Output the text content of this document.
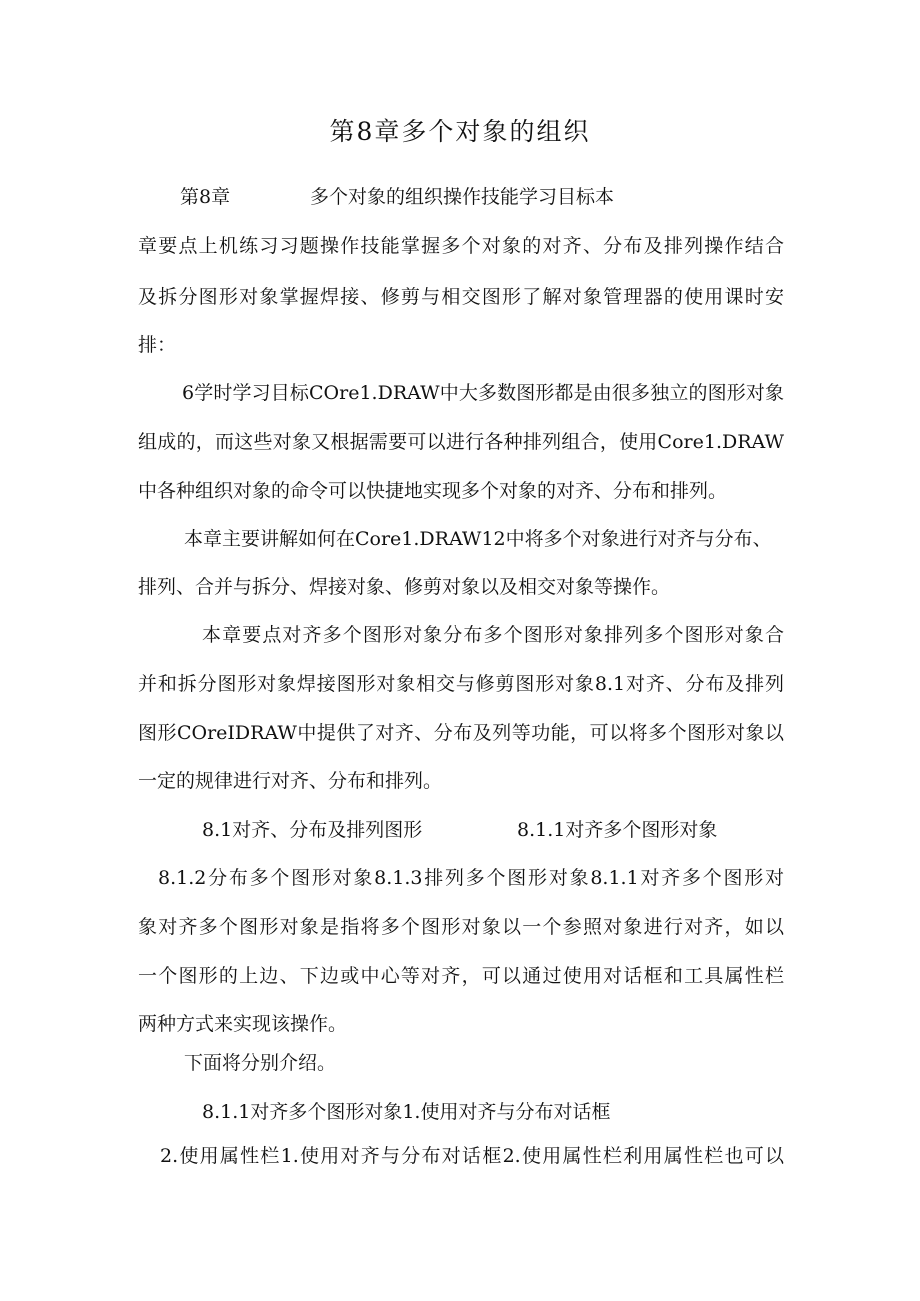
第8章多个对象的组织
第8章	多个对象的组织操作技能学习目标本
章要点上机练习习题操作技能掌握多个对象的对齐、分布及排列操作结合
及拆分图形对象掌握焊接、修剪与相交图形了解对象管理器的使用课时安
排：
6学时学习目标COre1.DRAW中大多数图形都是由很多独立的图形对象
组成的，而这些对象又根据需要可以进行各种排列组合，使用Core1.DRAW
中各种组织对象的命令可以快捷地实现多个对象的对齐、分布和排列。
本章主要讲解如何在Core1.DRAW12中将多个对象进行对齐与分布、
排列、合并与拆分、焊接对象、修剪对象以及相交对象等操作。
本章要点对齐多个图形对象分布多个图形对象排列多个图形对象合
并和拆分图形对象焊接图形对象相交与修剪图形对象8.1对齐、分布及排列
图形COreIDRAW中提供了对齐、分布及列等功能，可以将多个图形对象以
一定的规律进行对齐、分布和排列。
8.1对齐、分布及排列图形	8.1.1对齐多个图形对象
8.1.2分布多个图形对象8.1.3排列多个图形对象8.1.1对齐多个图形对
象对齐多个图形对象是指将多个图形对象以一个参照对象进行对齐，如以
一个图形的上边、下边或中心等对齐，可以通过使用对话框和工具属性栏
两种方式来实现该操作。
下面将分别介绍。
8.1.1对齐多个图形对象1.使用对齐与分布对话框
2.使用属性栏1.使用对齐与分布对话框2.使用属性栏利用属性栏也可以
